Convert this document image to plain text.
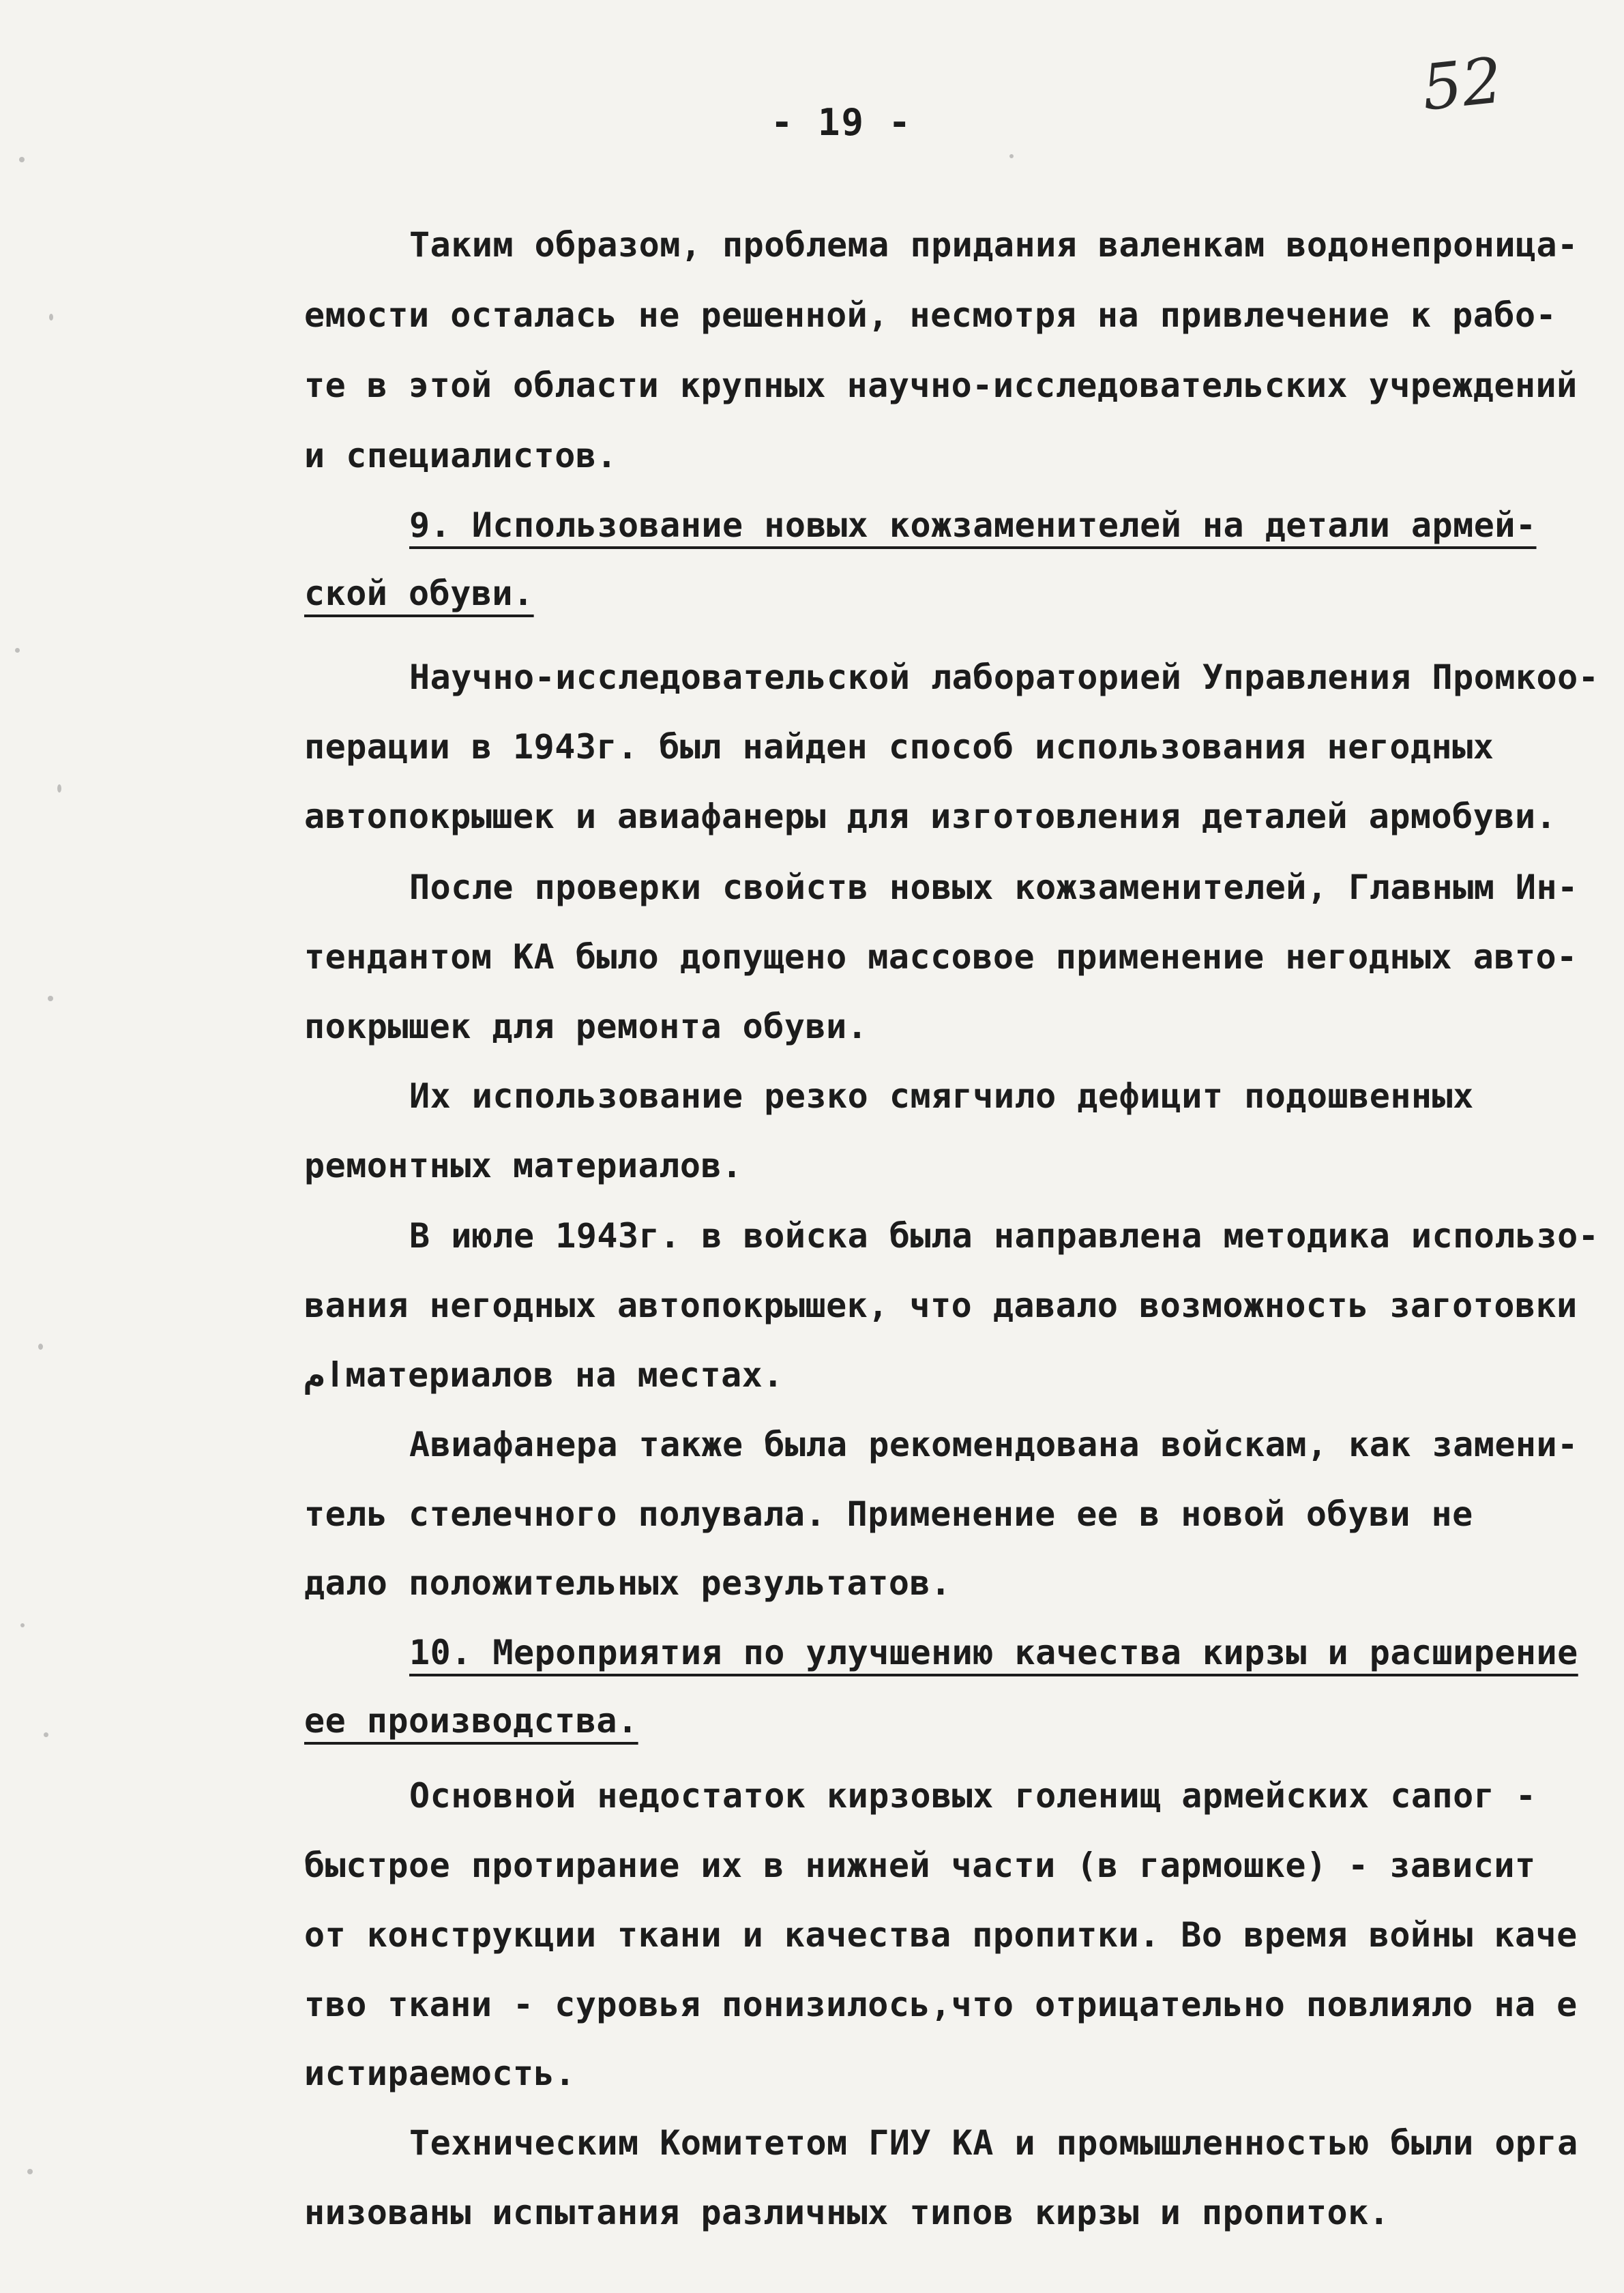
- 19 -	52
Таким образом, проблема придания валенкам водонепроница-
емости осталась не решенной, несмотря на привлечение к рабо-
те в этой области крупных научно-исследовательских учреждений
и специалистов.
9. Использование новых кожзаменителей на детали армей-
ской обуви.
Научно-исследовательской лабораторией Управления Промкоо-
перации в 1943г. был найден способ использования негодных
автопокрышек и авиафанеры для изготовления деталей армобуви.
После проверки свойств новых кожзаменителей, Главным Ин-
тендантом КА было допущено массовое применение негодных авто-
покрышек для ремонта обуви.
Их использование резко смягчило дефицит подошвенных
ремонтных материалов.
В июле 1943г. в войска была направлена методика использо-
вания негодных автопокрышек, что давало возможность заготовки
امматериалов на местах.
Авиафанера также была рекомендована войскам, как замени-
тель стелечного полувала. Применение ее в новой обуви не
дало положительных результатов.
10. Мероприятия по улучшению качества кирзы и расширение
ее производства.
Основной недостаток кирзовых голенищ армейских сапог -
быстрое протирание их в нижней части (в гармошке) - зависит
от конструкции ткани и качества пропитки. Во время войны каче
тво ткани - суровья понизилось,что отрицательно повлияло на е
истираемость.
Техническим Комитетом ГИУ КА и промышленностью были орга
низованы испытания различных типов кирзы и пропиток.
